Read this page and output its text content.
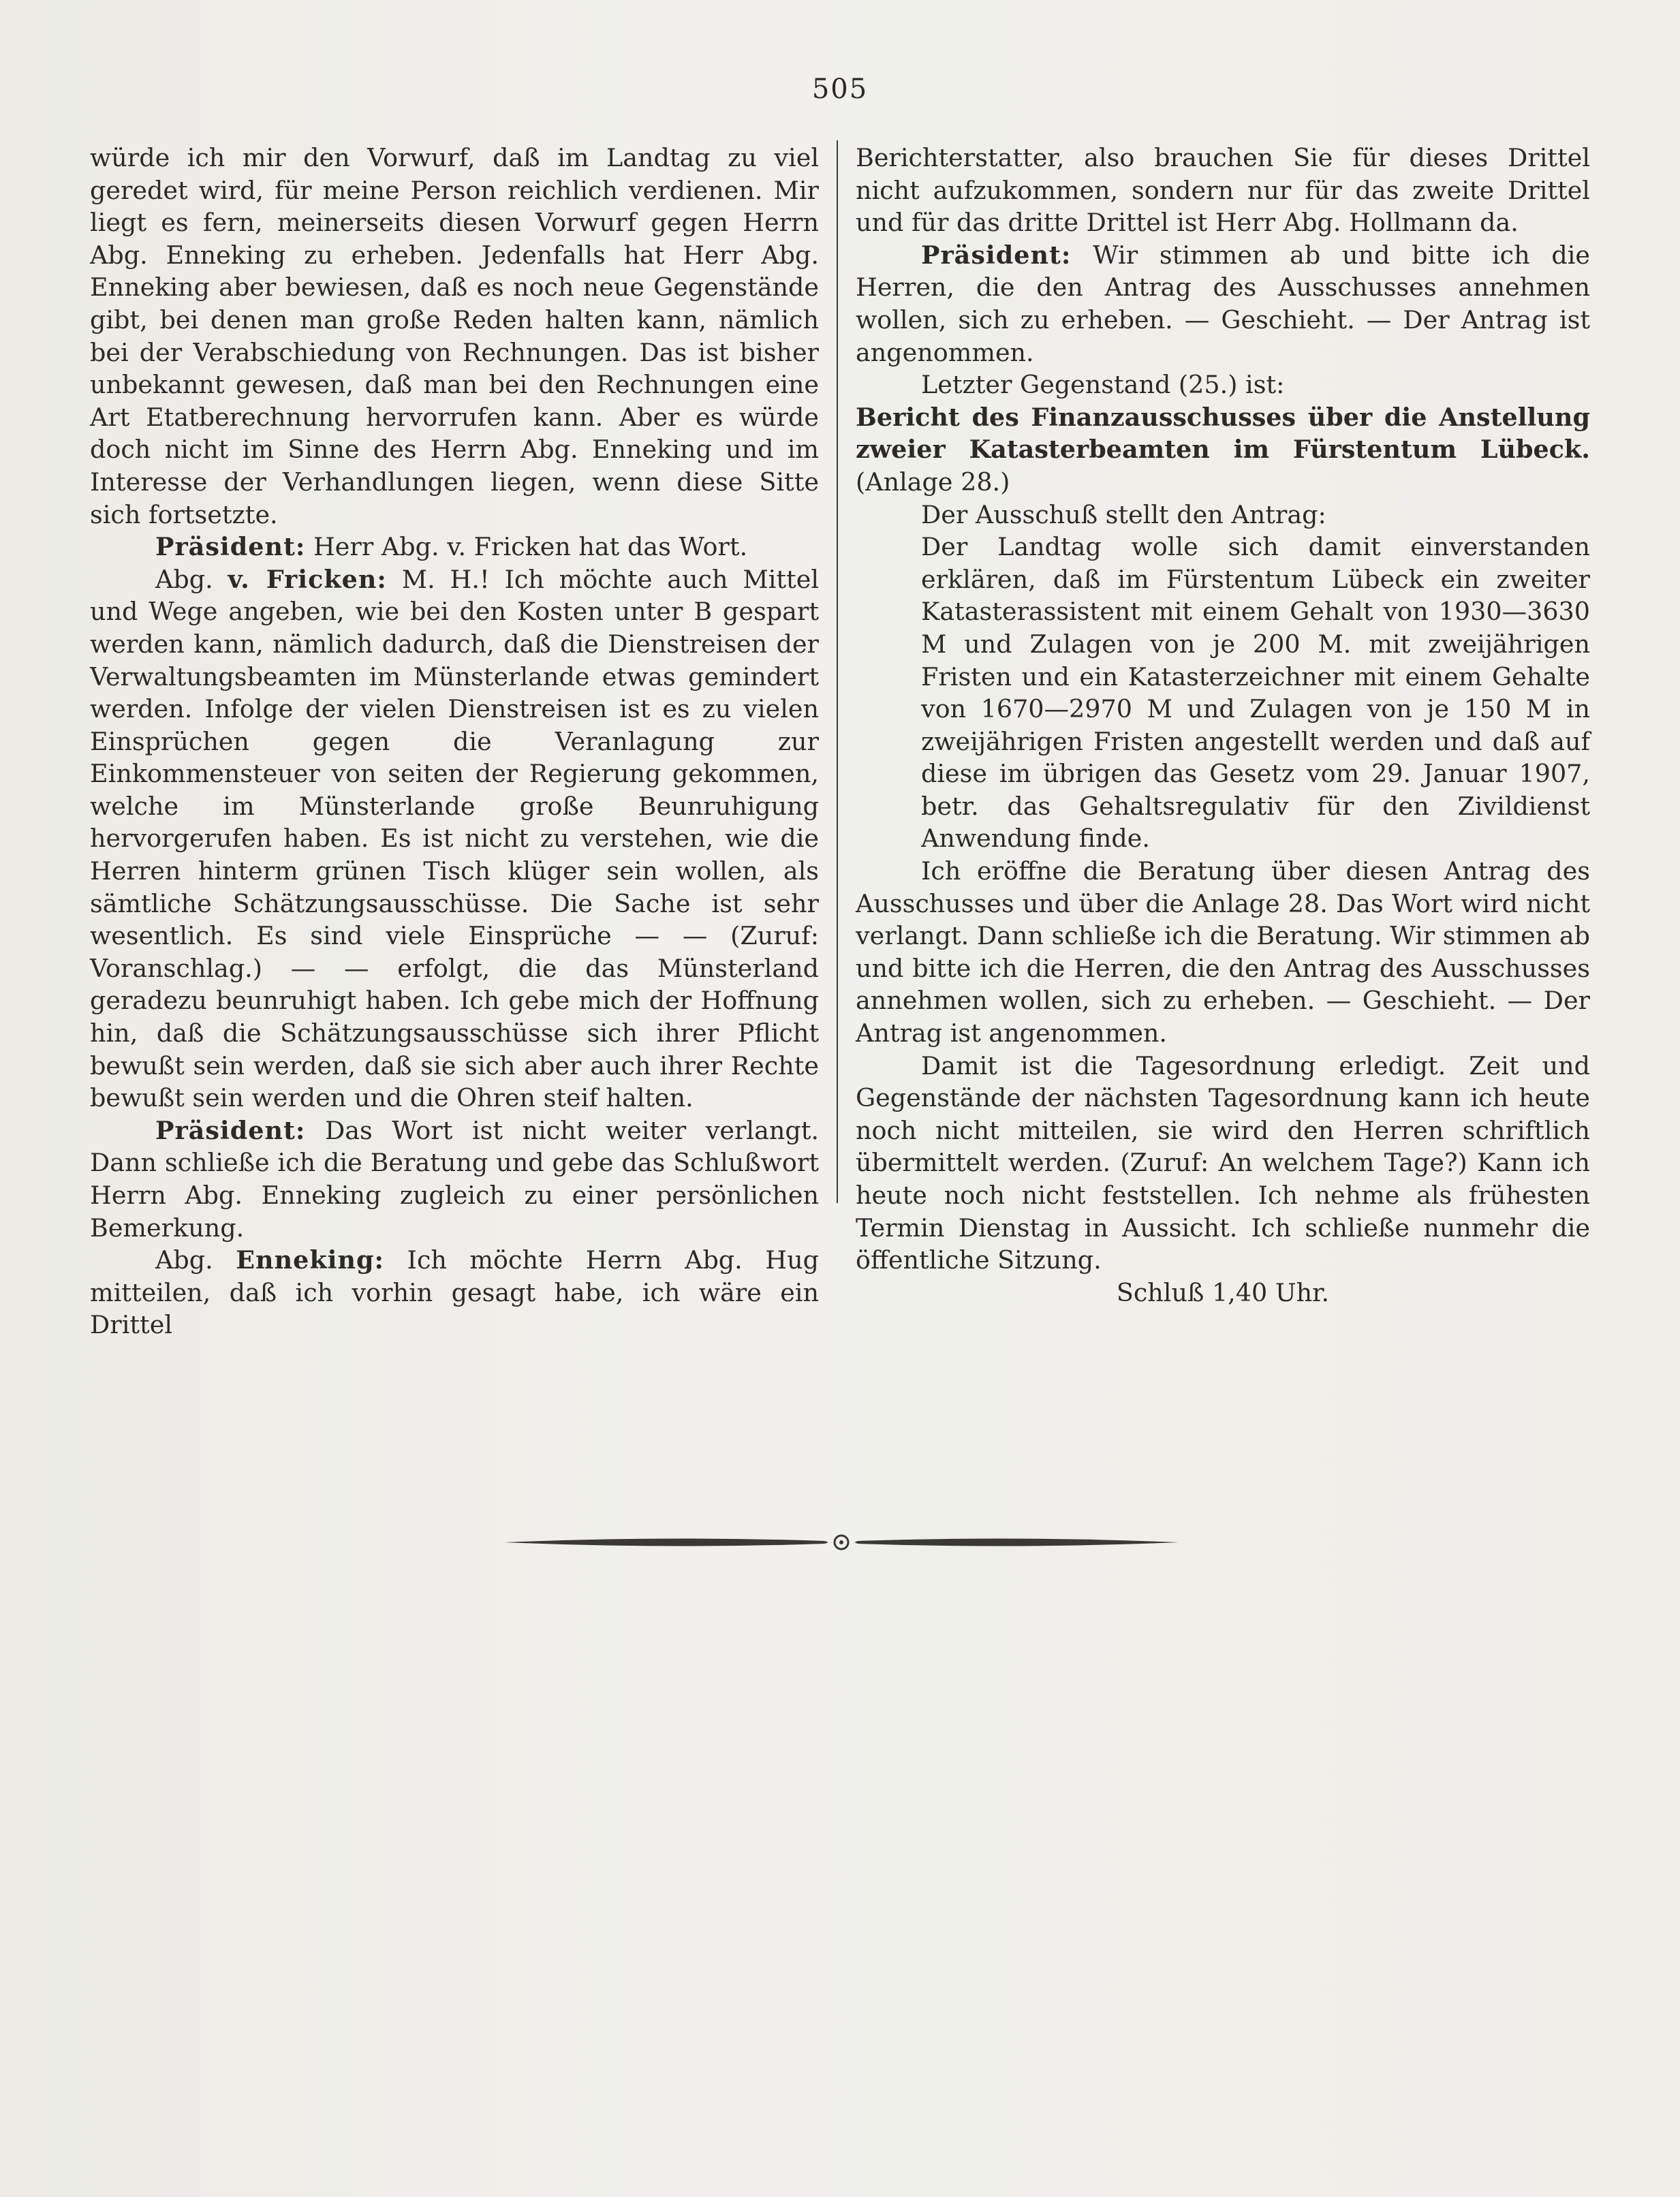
505

würde ich mir den Vorwurf, daß im Landtag zu viel geredet wird, für meine Person reichlich verdienen. Mir liegt es fern, meinerseits diesen Vorwurf gegen Herrn Abg. Enneking zu erheben. Jedenfalls hat Herr Abg. Enneking aber bewiesen, daß es noch neue Gegenstände gibt, bei denen man große Reden halten kann, nämlich bei der Verabschiedung von Rechnungen. Das ist bisher unbekannt gewesen, daß man bei den Rechnungen eine Art Etatberechnung hervorrufen kann. Aber es würde doch nicht im Sinne des Herrn Abg. Enneking und im Interesse der Verhandlungen liegen, wenn diese Sitte sich fortsetzte.

Präsident: Herr Abg. v. Fricken hat das Wort.

Abg. v. Fricken: M. H.! Ich möchte auch Mittel und Wege angeben, wie bei den Kosten unter B gespart werden kann, nämlich dadurch, daß die Dienstreisen der Verwaltungsbeamten im Münsterlande etwas gemindert werden. Infolge der vielen Dienstreisen ist es zu vielen Einsprüchen gegen die Veranlagung zur Einkommensteuer von seiten der Regierung gekommen, welche im Münsterlande große Beunruhigung hervorgerufen haben. Es ist nicht zu verstehen, wie die Herren hinterm grünen Tisch klüger sein wollen, als sämtliche Schätzungsausschüsse. Die Sache ist sehr wesentlich. Es sind viele Einsprüche — — (Zuruf: Voranschlag.) — — erfolgt, die das Münsterland geradezu beunruhigt haben. Ich gebe mich der Hoffnung hin, daß die Schätzungsausschüsse sich ihrer Pflicht bewußt sein werden, daß sie sich aber auch ihrer Rechte bewußt sein werden und die Ohren steif halten.

Präsident: Das Wort ist nicht weiter verlangt. Dann schließe ich die Beratung und gebe das Schlußwort Herrn Abg. Enneking zugleich zu einer persönlichen Bemerkung.

Abg. Enneking: Ich möchte Herrn Abg. Hug mitteilen, daß ich vorhin gesagt habe, ich wäre ein Drittel

Berichterstatter, also brauchen Sie für dieses Drittel nicht aufzukommen, sondern nur für das zweite Drittel und für das dritte Drittel ist Herr Abg. Hollmann da.

Präsident: Wir stimmen ab und bitte ich die Herren, die den Antrag des Ausschusses annehmen wollen, sich zu erheben. — Geschieht. — Der Antrag ist angenommen.

Letzter Gegenstand (25.) ist:

Bericht des Finanzausschusses über die Anstellung zweier Katasterbeamten im Fürstentum Lübeck. (Anlage 28.)

Der Ausschuß stellt den Antrag:

Der Landtag wolle sich damit einverstanden erklären, daß im Fürstentum Lübeck ein zweiter Katasterassistent mit einem Gehalt von 1930—3630 M und Zulagen von je 200 M. mit zweijährigen Fristen und ein Katasterzeichner mit einem Gehalte von 1670—2970 M und Zulagen von je 150 M in zweijährigen Fristen angestellt werden und daß auf diese im übrigen das Gesetz vom 29. Januar 1907, betr. das Gehaltsregulativ für den Zivildienst Anwendung finde.

Ich eröffne die Beratung über diesen Antrag des Ausschusses und über die Anlage 28. Das Wort wird nicht verlangt. Dann schließe ich die Beratung. Wir stimmen ab und bitte ich die Herren, die den Antrag des Ausschusses annehmen wollen, sich zu erheben. — Geschieht. — Der Antrag ist angenommen.

Damit ist die Tagesordnung erledigt. Zeit und Gegenstände der nächsten Tagesordnung kann ich heute noch nicht mitteilen, sie wird den Herren schriftlich übermittelt werden. (Zuruf: An welchem Tage?) Kann ich heute noch nicht feststellen. Ich nehme als frühesten Termin Dienstag in Aussicht. Ich schließe nunmehr die öffentliche Sitzung.

Schluß 1,40 Uhr.
